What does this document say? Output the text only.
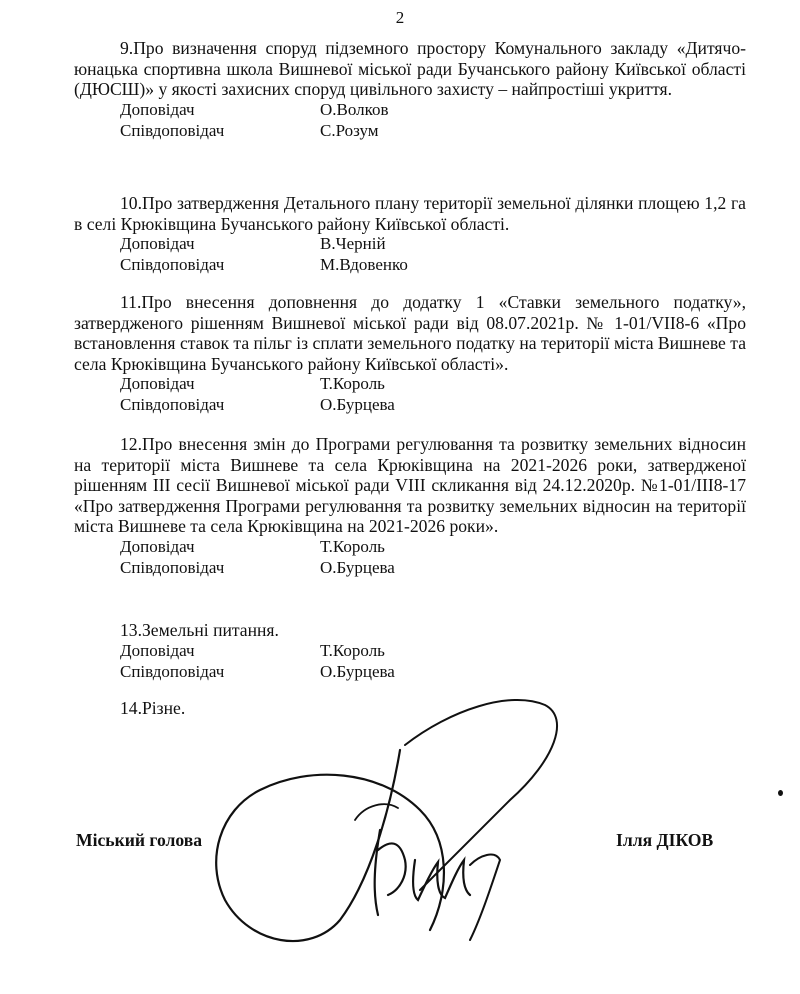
2

9.Про визначення споруд підземного простору Комунального закладу «Дитячо-юнацька спортивна школа Вишневої міської ради Бучанського району Київської області (ДЮСШ)» у якості захисних споруд цивільного захисту – найпростіші укриття.

Доповідач	О.Волков
Співдоповідач	С.Розум

10.Про затвердження Детального плану території земельної ділянки площею 1,2 га в селі Крюківщина Бучанського району Київської області.

Доповідач	В.Черній
Співдоповідач	М.Вдовенко

11.Про внесення доповнення до додатку 1 «Ставки земельного податку», затвердженого рішенням Вишневої міської ради від 08.07.2021р. № 1-01/VII8-6 «Про встановлення ставок та пільг із сплати земельного податку на території міста Вишневе та села Крюківщина Бучанського району Київської області».

Доповідач	Т.Король
Співдоповідач	О.Бурцева

12.Про внесення змін до Програми регулювання та розвитку земельних відносин на території міста Вишневе та села Крюківщина на 2021-2026 роки, затвердженої рішенням ІІІ сесії Вишневої міської ради VIII скликання від 24.12.2020р. №1-01/III8-17 «Про затвердження Програми регулювання та розвитку земельних відносин на території міста Вишневе та села Крюківщина на 2021-2026 роки».

Доповідач	Т.Король
Співдоповідач	О.Бурцева

13.Земельні питання.

Доповідач	Т.Король
Співдоповідач	О.Бурцева

14.Різне.

Міський голова	Ілля ДІКОВ
